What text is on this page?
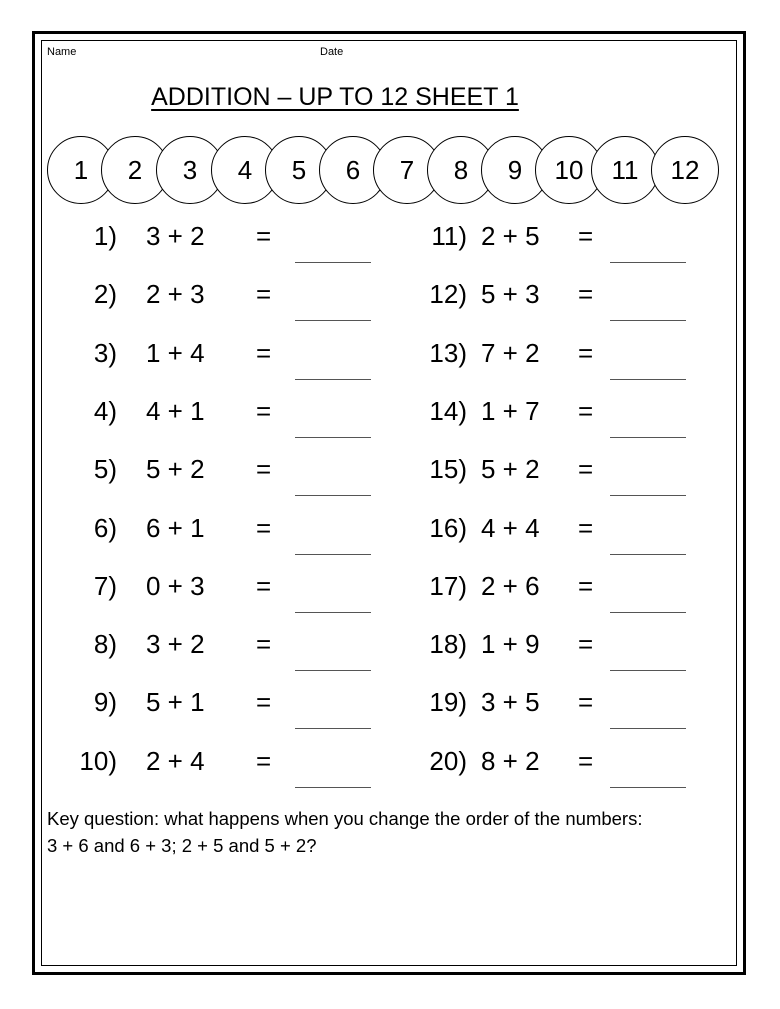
Name	Date
ADDITION – UP TO 12 SHEET 1
1	2	3	4	5	6	7	8	9	10	11	12
1) 3 + 2 =
2) 2 + 3 =
3) 1 + 4 =
4) 4 + 1 =
5) 5 + 2 =
6) 6 + 1 =
7) 0 + 3 =
8) 3 + 2 =
9) 5 + 1 =
10) 2 + 4 =
11) 2 + 5 =
12) 5 + 3 =
13) 7 + 2 =
14) 1 + 7 =
15) 5 + 2 =
16) 4 + 4 =
17) 2 + 6 =
18) 1 + 9 =
19) 3 + 5 =
20) 8 + 2 =
Key question: what happens when you change the order of the numbers:
3 + 6 and 6 + 3; 2 + 5 and 5 + 2?
